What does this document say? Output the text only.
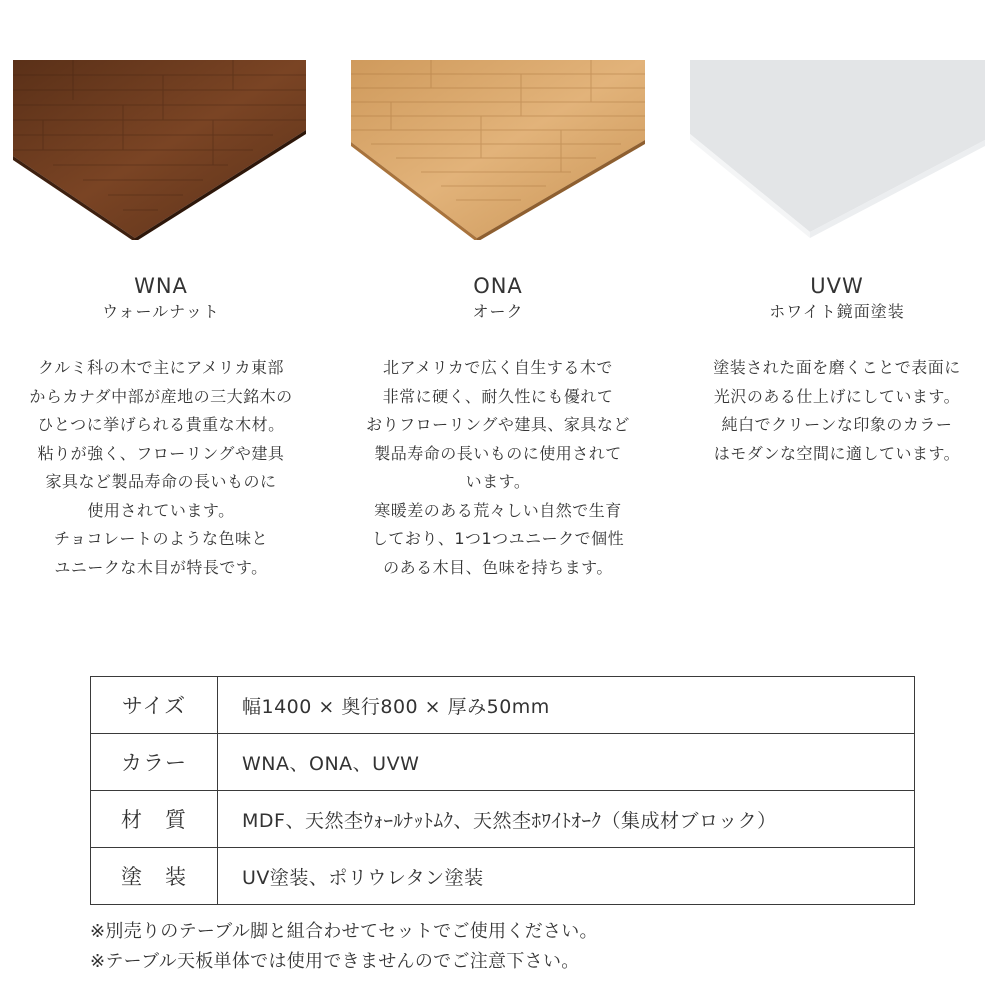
WNA

ウォールナット

クルミ科の木で主にアメリカ東部
からカナダ中部が産地の三大銘木の
ひとつに挙げられる貴重な木材。
粘りが強く、フローリングや建具
家具など製品寿命の長いものに
使用されています。
チョコレートのような色味と
ユニークな木目が特長です。

ONA

オーク

北アメリカで広く自生する木で
非常に硬く、耐久性にも優れて
おりフローリングや建具、家具など
製品寿命の長いものに使用されて
います。
寒暖差のある荒々しい自然で生育
しており、1つ1つユニークで個性
のある木目、色味を持ちます。

UVW

ホワイト鏡面塗装

塗装された面を磨くことで表面に
光沢のある仕上げにしています。
純白でクリーンな印象のカラー
はモダンな空間に適しています。

サイズ	幅1400 × 奥行800 × 厚み50mm
カラー	WNA、ONA、UVW
材　質	MDF、天然杢ｳｫｰﾙﾅｯﾄﾑｸ、天然杢ﾎﾜｲﾄｵｰｸ（集成材ブロック）
塗　装	UV塗装、ポリウレタン塗装

※別売りのテーブル脚と組合わせてセットでご使用ください。

※テーブル天板単体では使用できませんのでご注意下さい。
